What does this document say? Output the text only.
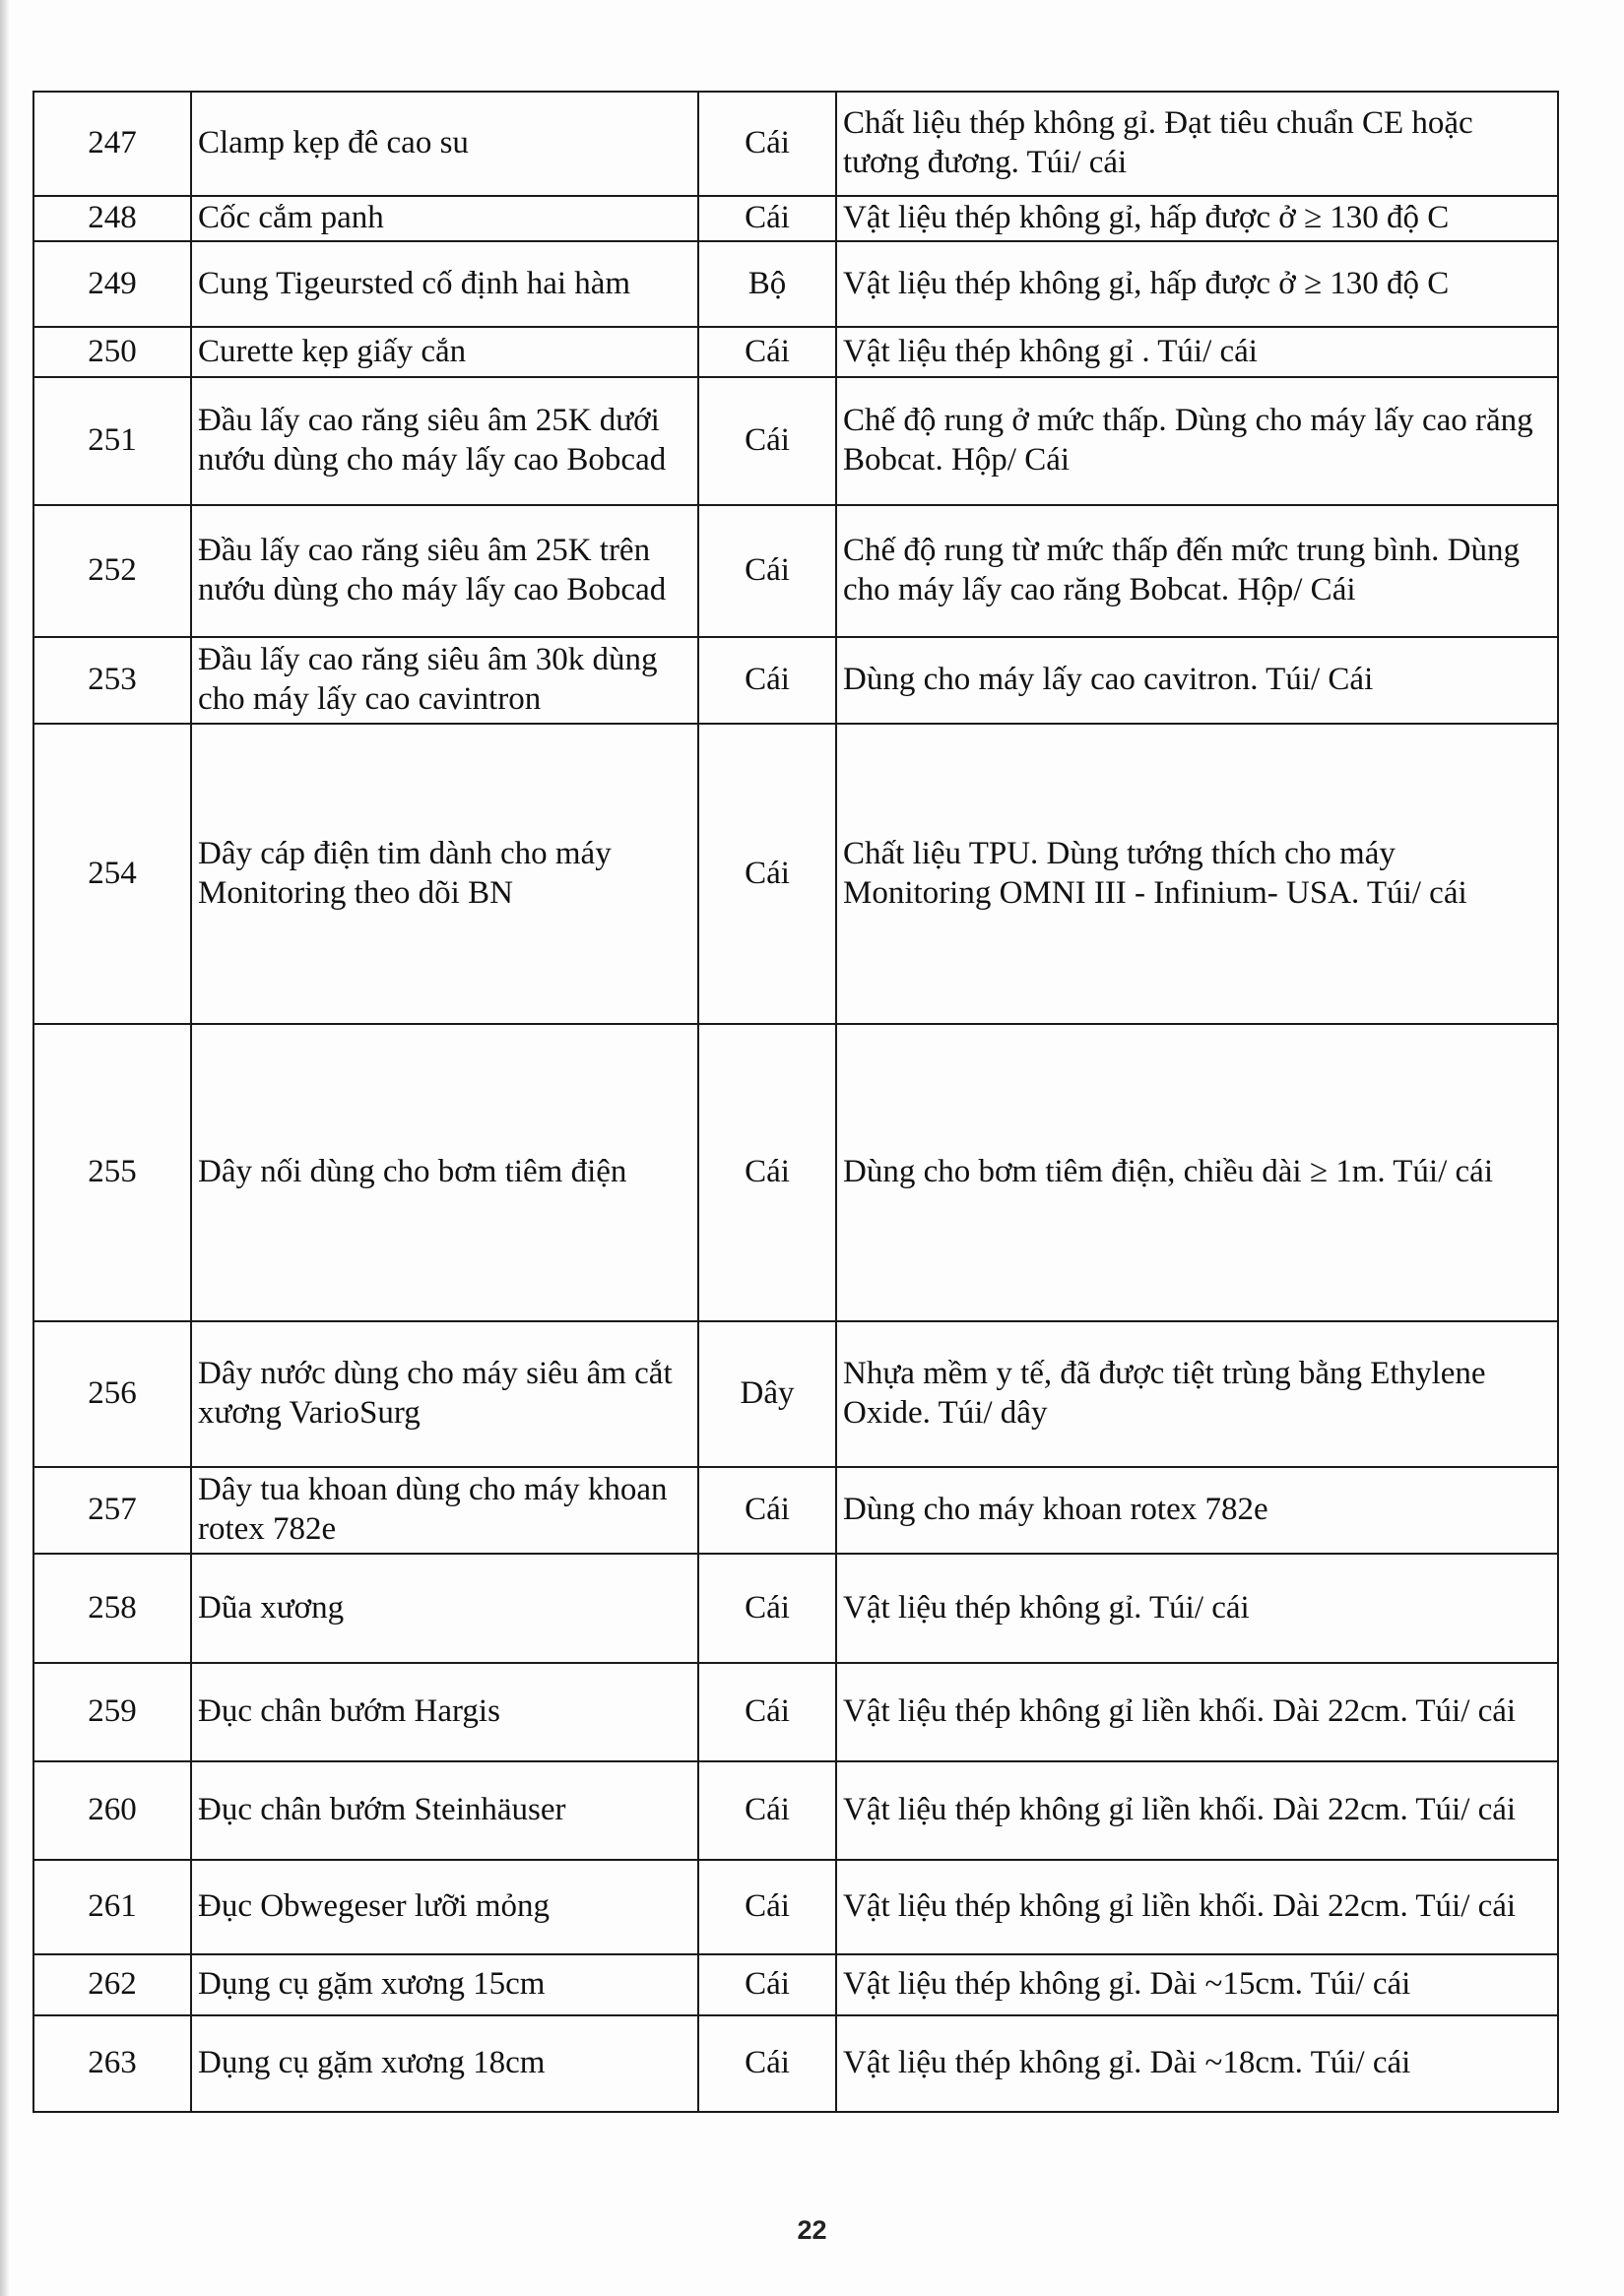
247	Clamp kẹp đê cao su	Cái	Chất liệu thép không gỉ. Đạt tiêu chuẩn CE hoặc tương đương. Túi/ cái
248	Cốc cắm panh	Cái	Vật liệu thép không gỉ, hấp được ở ≥ 130 độ C
249	Cung Tigeursted cố định hai hàm	Bộ	Vật liệu thép không gỉ, hấp được ở ≥ 130 độ C
250	Curette kẹp giấy cắn	Cái	Vật liệu thép không gỉ . Túi/ cái
251	Đầu lấy cao răng siêu âm 25K dưới nướu dùng cho máy lấy cao Bobcad	Cái	Chế độ rung ở mức thấp. Dùng cho máy lấy cao răng Bobcat. Hộp/ Cái
252	Đầu lấy cao răng siêu âm 25K trên nướu dùng cho máy lấy cao Bobcad	Cái	Chế độ rung từ mức thấp đến mức trung bình. Dùng cho máy lấy cao răng Bobcat. Hộp/ Cái
253	Đầu lấy cao răng siêu âm 30k dùng cho máy lấy cao cavintron	Cái	Dùng cho máy lấy cao cavitron. Túi/ Cái
254	Dây cáp điện tim dành cho máy Monitoring theo dõi BN	Cái	Chất liệu TPU. Dùng tướng thích cho máy Monitoring OMNI III - Infinium- USA. Túi/ cái
255	Dây nối dùng cho bơm tiêm điện	Cái	Dùng cho bơm tiêm điện, chiều dài ≥ 1m. Túi/ cái
256	Dây nước dùng cho máy siêu âm cắt xương VarioSurg	Dây	Nhựa mềm y tế, đã được tiệt trùng bằng Ethylene Oxide. Túi/ dây
257	Dây tua khoan dùng cho máy khoan rotex 782e	Cái	Dùng cho máy khoan rotex 782e
258	Dũa xương	Cái	Vật liệu thép không gỉ. Túi/ cái
259	Đục chân bướm Hargis	Cái	Vật liệu thép không gỉ liền khối. Dài 22cm. Túi/ cái
260	Đục chân bướm Steinhäuser	Cái	Vật liệu thép không gỉ liền khối. Dài 22cm. Túi/ cái
261	Đục Obwegeser lưỡi mỏng	Cái	Vật liệu thép không gỉ liền khối. Dài 22cm. Túi/ cái
262	Dụng cụ gặm xương 15cm	Cái	Vật liệu thép không gỉ. Dài ~15cm. Túi/ cái
263	Dụng cụ gặm xương 18cm	Cái	Vật liệu thép không gỉ. Dài ~18cm. Túi/ cái
22
